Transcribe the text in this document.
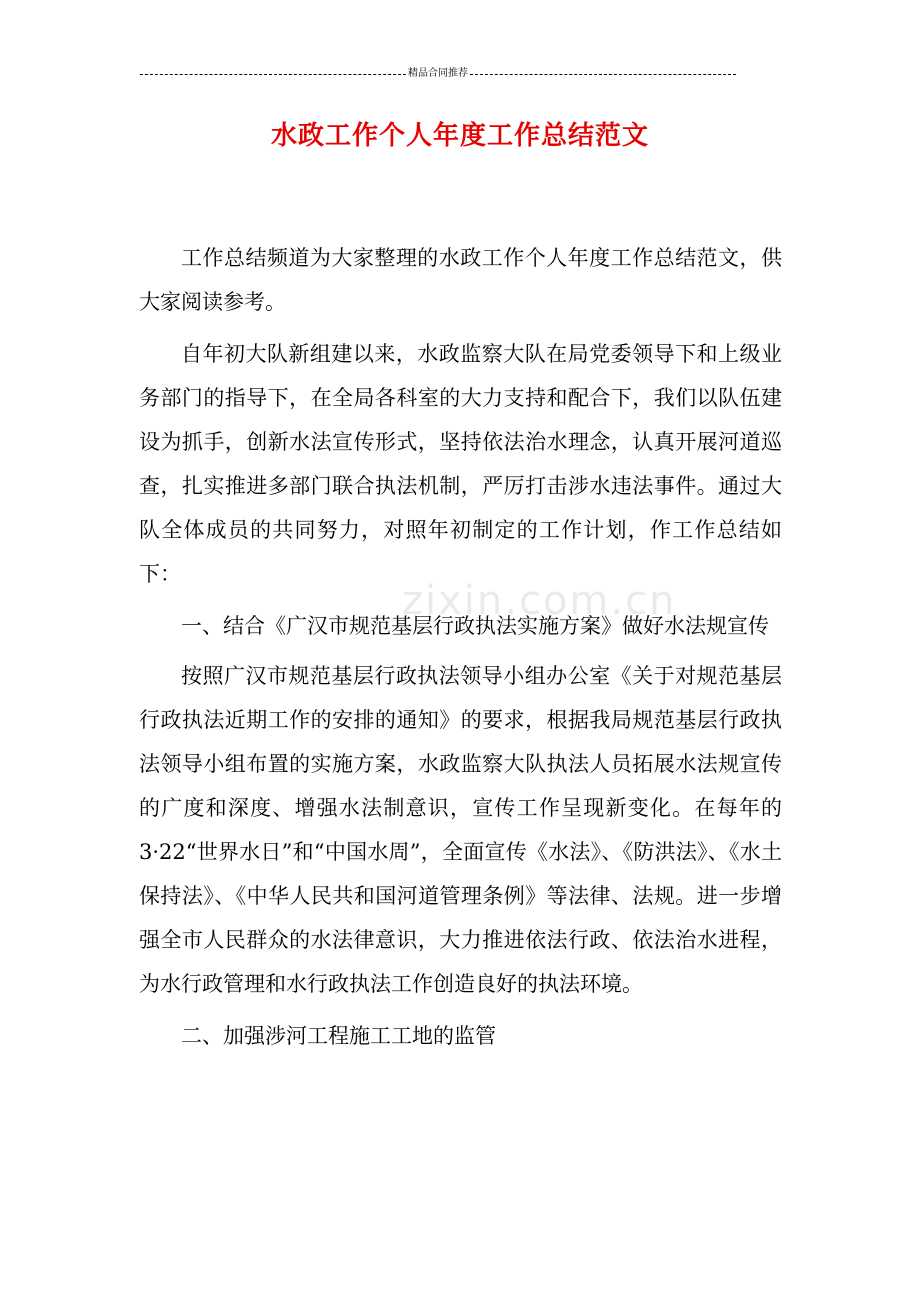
精品合同推荐
水政工作个人年度工作总结范文
zixin.com.cn

工作总结频道为大家整理的水政工作个人年度工作总结范文，供大家阅读参考。

自年初大队新组建以来，水政监察大队在局党委领导下和上级业务部门的指导下，在全局各科室的大力支持和配合下，我们以队伍建设为抓手，创新水法宣传形式，坚持依法治水理念，认真开展河道巡查，扎实推进多部门联合执法机制，严厉打击涉水违法事件。通过大队全体成员的共同努力，对照年初制定的工作计划，作工作总结如下：

一、结合《广汉市规范基层行政执法实施方案》做好水法规宣传

按照广汉市规范基层行政执法领导小组办公室《关于对规范基层行政执法近期工作的安排的通知》的要求，根据我局规范基层行政执法领导小组布置的实施方案，水政监察大队执法人员拓展水法规宣传的广度和深度、增强水法制意识，宣传工作呈现新变化。在每年的3·22“世界水日”和“中国水周”，全面宣传《水法》、《防洪法》、《水土保持法》、《中华人民共和国河道管理条例》等法律、法规。进一步增强全市人民群众的水法律意识，大力推进依法行政、依法治水进程，为水行政管理和水行政执法工作创造良好的执法环境。

二、加强涉河工程施工工地的监管
